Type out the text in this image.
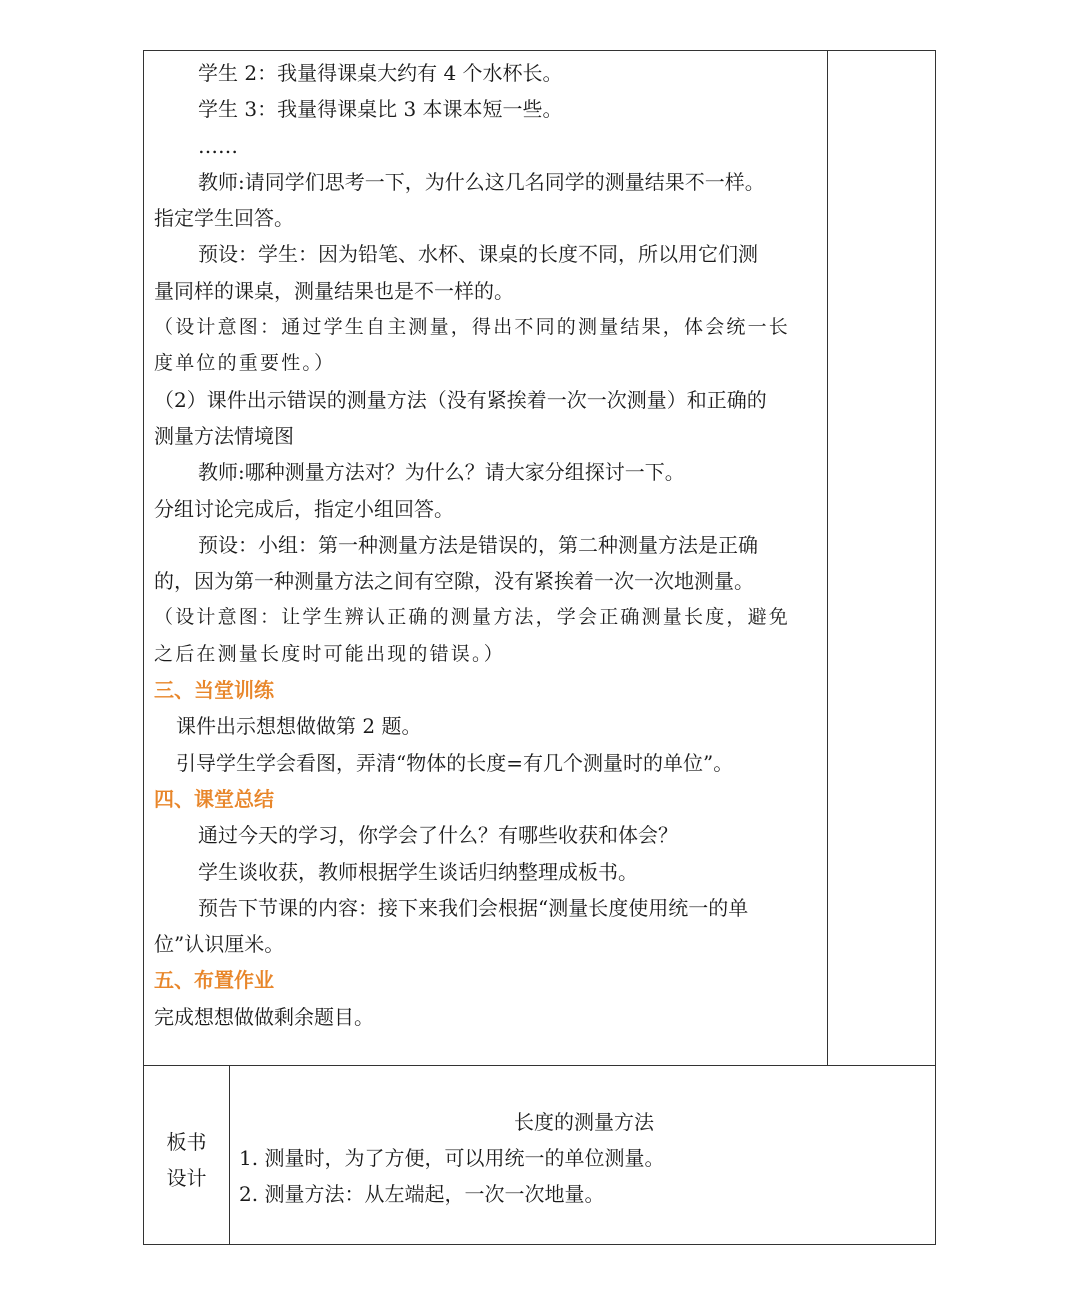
学生 2：我量得课桌大约有 4 个水杯长。
学生 3：我量得课桌比 3 本课本短一些。
……
教师:请同学们思考一下，为什么这几名同学的测量结果不一样。
指定学生回答。
预设：学生：因为铅笔、水杯、课桌的长度不同，所以用它们测
量同样的课桌，测量结果也是不一样的。
（设计意图：通过学生自主测量，得出不同的测量结果，体会统一长
度单位的重要性。）
（2）课件出示错误的测量方法（没有紧挨着一次一次测量）和正确的
测量方法情境图
教师:哪种测量方法对？为什么？请大家分组探讨一下。
分组讨论完成后，指定小组回答。
预设：小组：第一种测量方法是错误的，第二种测量方法是正确
的，因为第一种测量方法之间有空隙，没有紧挨着一次一次地测量。
（设计意图：让学生辨认正确的测量方法，学会正确测量长度，避免
之后在测量长度时可能出现的错误。）
三、当堂训练
课件出示想想做做第 2 题。
引导学生学会看图，弄清“物体的长度=有几个测量时的单位”。
四、课堂总结
通过今天的学习，你学会了什么？有哪些收获和体会？
学生谈收获，教师根据学生谈话归纳整理成板书。
预告下节课的内容：接下来我们会根据“测量长度使用统一的单
位”认识厘米。
五、布置作业
完成想想做做剩余题目。
板书
设计
长度的测量方法
1. 测量时，为了方便，可以用统一的单位测量。
2. 测量方法：从左端起，一次一次地量。
